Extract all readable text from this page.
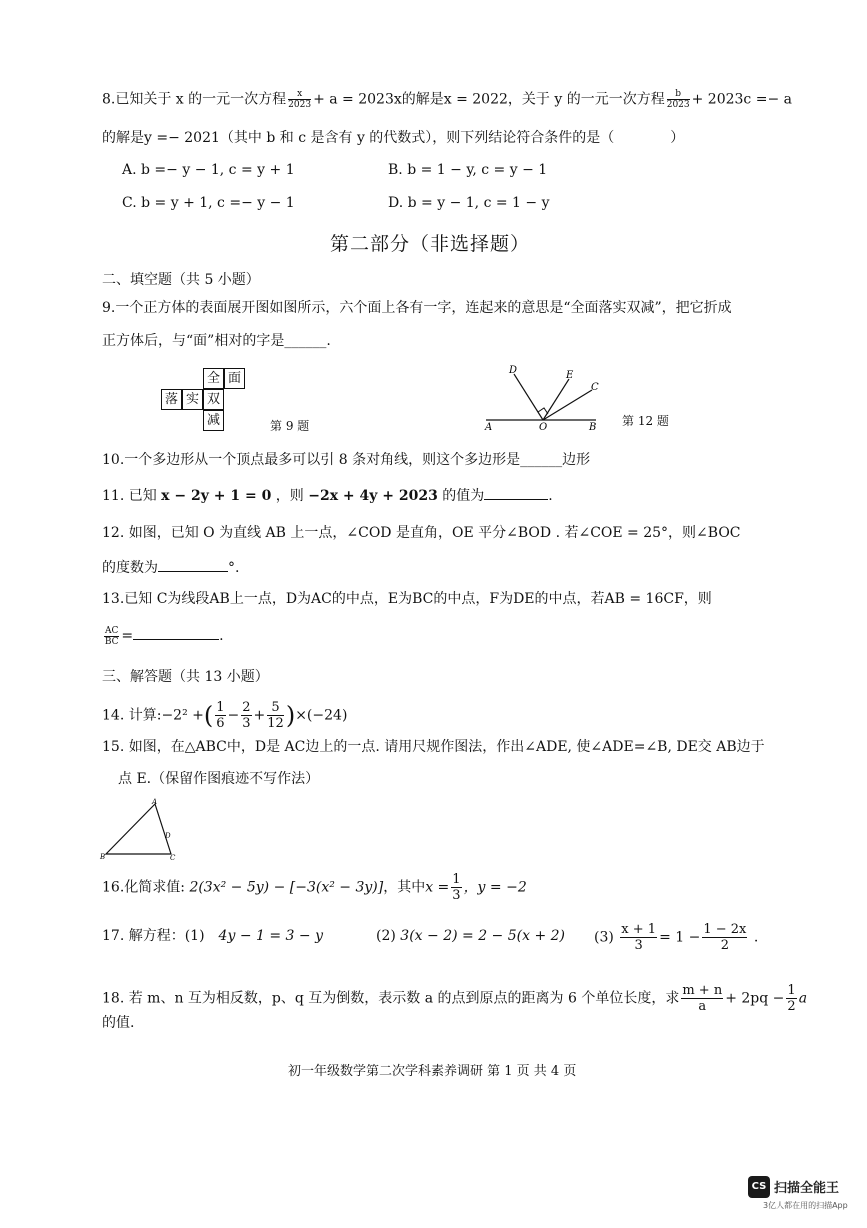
8.已知关于 x 的一元一次方程 $\frac{x}{2023} + a = 2023x$的解是x = 2022，关于 y 的一元一次方程 $\frac{b}{2023} + 2023c =- a$
的解是y =− 2021（其中 b 和 c 是含有 y 的代数式），则下列结论符合条件的是（　　　　）
A. b =− y − 1, c = y + 1	B. b = 1 − y, c = y − 1
C. b = y + 1, c =− y − 1	D. b = y − 1, c = 1 − y
第二部分（非选择题）
二、填空题（共 5 小题）
9.一个正方体的表面展开图如图所示，六个面上各有一字，连起来的意思是“全面落实双减”，把它折成
正方体后，与“面”相对的字是______.
全 面
落 实 双
减	第 9 题
D	E
C
A	O	B 第 12 题
10.一个多边形从一个顶点最多可以引 8 条对角线，则这个多边形是______边形
11. 已知 x − 2y + 1 = 0 ，则 −2x + 4y + 2023 的值为	.
12. 如图，已知 O 为直线 AB 上一点，∠COD 是直角，OE 平分∠BOD . 若∠COE = 25°，则∠BOC
的度数为	°.
13.已知 C为线段AB上一点，D为AC的中点，E为BC的中点，F为DE的中点，若AB = 16CF，则
$\frac{AC}{BC}$ =	.
三、解答题（共 13 小题）
14. 计算:−2² +( $\frac{1}{6} - \frac{2}{3} + \frac{5}{12} )\times(-24)$
15. 如图，在△ABC中，D是 AC边上的一点. 请用尺规作图法，作出∠ADE, 使∠ADE=∠B, DE交 AB边于
点 E.（保留作图痕迹不写作法）
A
D
B	C
16.化简求值: 2(3x² − 5y) − [−3(x² − 3y)]，其中$x = \frac{1}{3}$ ，y = −2
17. 解方程：(1)　 4y − 1 = 3 − y	(2) 3(x − 2) = 2 − 5(x + 2) $(3) \frac{x + 1}{3} = 1 - \frac{1 - 2x}{2}$ .
18. 若 m、n 互为相反数，p、q 互为倒数，表示数 a 的点到原点的距离为 6 个单位长度，求 $\frac{m + n}{a} + 2pq - \frac{1}{2}$ a
的值.
初一年级数学第二次学科素养调研 第 1 页 共 4 页
CS 扫描全能王
3亿人都在用的扫描App
